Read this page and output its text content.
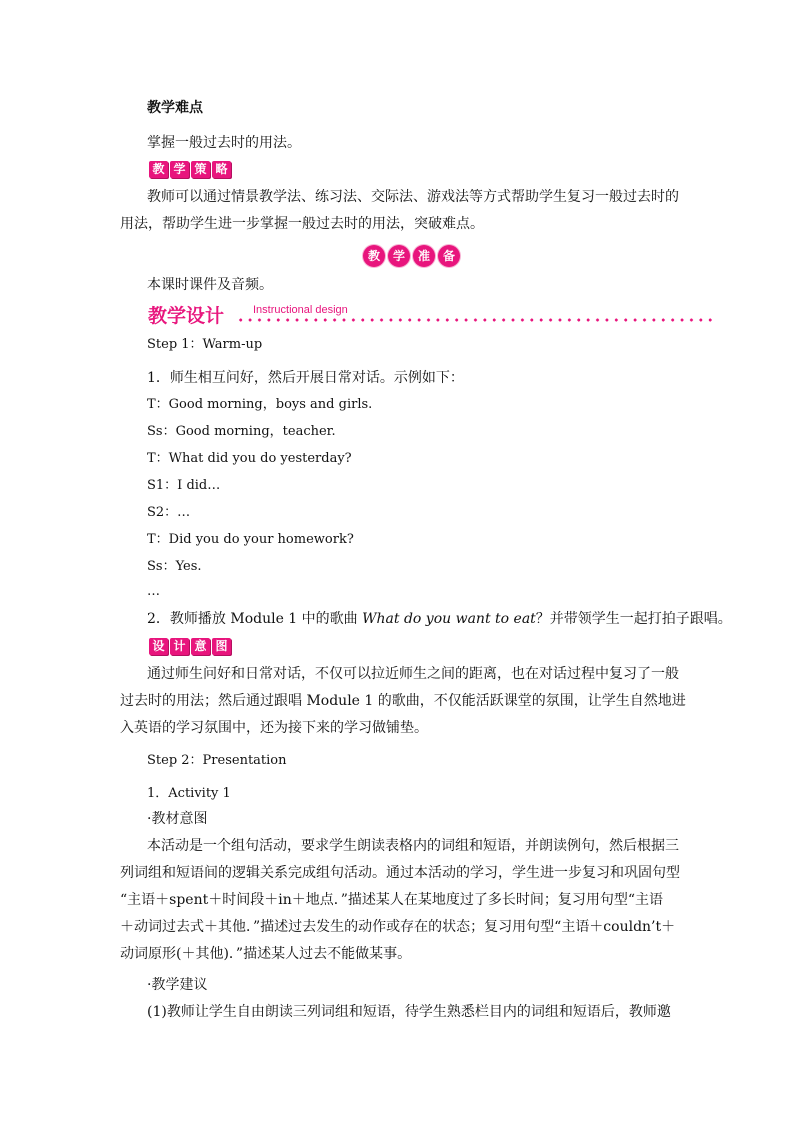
教学难点
掌握一般过去时的用法。
教 学 策 略
教师可以通过情景教学法、练习法、交际法、游戏法等方式帮助学生复习一般过去时的
用法，帮助学生进一步掌握一般过去时的用法，突破难点。
教	学	准	备
本课时课件及音频。
教学设计	Instructional design
Step 1：Warm-up
1．师生相互问好，然后开展日常对话。示例如下：
T：Good morning，boys and girls.
Ss：Good morning，teacher.
T：What did you do yesterday?
S1：I did…
S2：…
T：Did you do your homework?
Ss：Yes.
…
2．教师播放 Module 1 中的歌曲 What do you want to eat？并带领学生一起打拍子跟唱。
设 计 意 图
通过师生问好和日常对话，不仅可以拉近师生之间的距离，也在对话过程中复习了一般
过去时的用法；然后通过跟唱 Module 1 的歌曲，不仅能活跃课堂的氛围，让学生自然地进
入英语的学习氛围中，还为接下来的学习做铺垫。
Step 2：Presentation
1．Activity 1
·教材意图
本活动是一个组句活动，要求学生朗读表格内的词组和短语，并朗读例句，然后根据三
列词组和短语间的逻辑关系完成组句活动。通过本活动的学习，学生进一步复习和巩固句型
“主语＋spent＋时间段＋in＋地点．”描述某人在某地度过了多长时间；复习用句型“主语
＋动词过去式＋其他．”描述过去发生的动作或存在的状态；复习用句型“主语＋couldn’t＋
动词原形(＋其他)．”描述某人过去不能做某事。
·教学建议
(1)教师让学生自由朗读三列词组和短语，待学生熟悉栏目内的词组和短语后，教师邀
